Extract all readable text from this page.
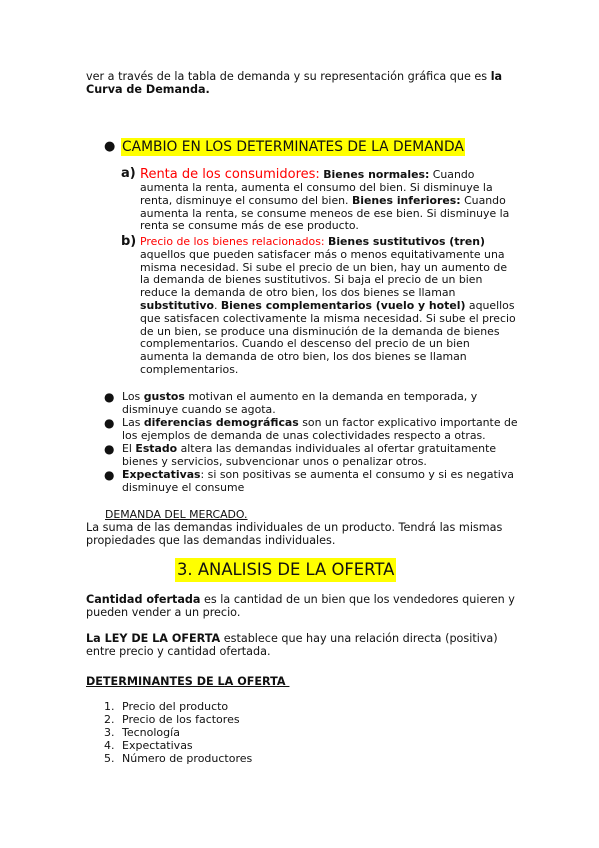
ver a través de la tabla de demanda y su representación gráfica que es la Curva de Demanda.
● CAMBIO EN LOS DETERMINATES DE LA DEMANDA
a) Renta de los consumidores: Bienes normales: Cuando aumenta la renta, aumenta el consumo del bien. Si disminuye la renta, disminuye el consumo del bien. Bienes inferiores: Cuando aumenta la renta, se consume meneos de ese bien. Si disminuye la renta se consume más de ese producto.
b) Precio de los bienes relacionados: Bienes sustitutivos (tren) aquellos que pueden satisfacer más o menos equitativamente una misma necesidad. Si sube el precio de un bien, hay un aumento de la demanda de bienes sustitutivos. Si baja el precio de un bien reduce la demanda de otro bien, los dos bienes se llaman substitutivo. Bienes complementarios (vuelo y hotel) aquellos que satisfacen colectivamente la misma necesidad. Si sube el precio de un bien, se produce una disminución de la demanda de bienes complementarios. Cuando el descenso del precio de un bien aumenta la demanda de otro bien, los dos bienes se llaman complementarios.
● Los gustos motivan el aumento en la demanda en temporada, y disminuye cuando se agota.
● Las diferencias demográficas son un factor explicativo importante de los ejemplos de demanda de unas colectividades respecto a otras.
● El Estado altera las demandas individuales al ofertar gratuitamente bienes y servicios, subvencionar unos o penalizar otros.
● Expectativas: si son positivas se aumenta el consumo y si es negativa disminuye el consume
DEMANDA DEL MERCADO.
La suma de las demandas individuales de un producto. Tendrá las mismas propiedades que las demandas individuales.
3. ANALISIS DE LA OFERTA
Cantidad ofertada es la cantidad de un bien que los vendedores quieren y pueden vender a un precio.
La LEY DE LA OFERTA establece que hay una relación directa (positiva) entre precio y cantidad ofertada.
DETERMINANTES DE LA OFERTA
1. Precio del producto
2. Precio de los factores
3. Tecnología
4. Expectativas
5. Número de productores
